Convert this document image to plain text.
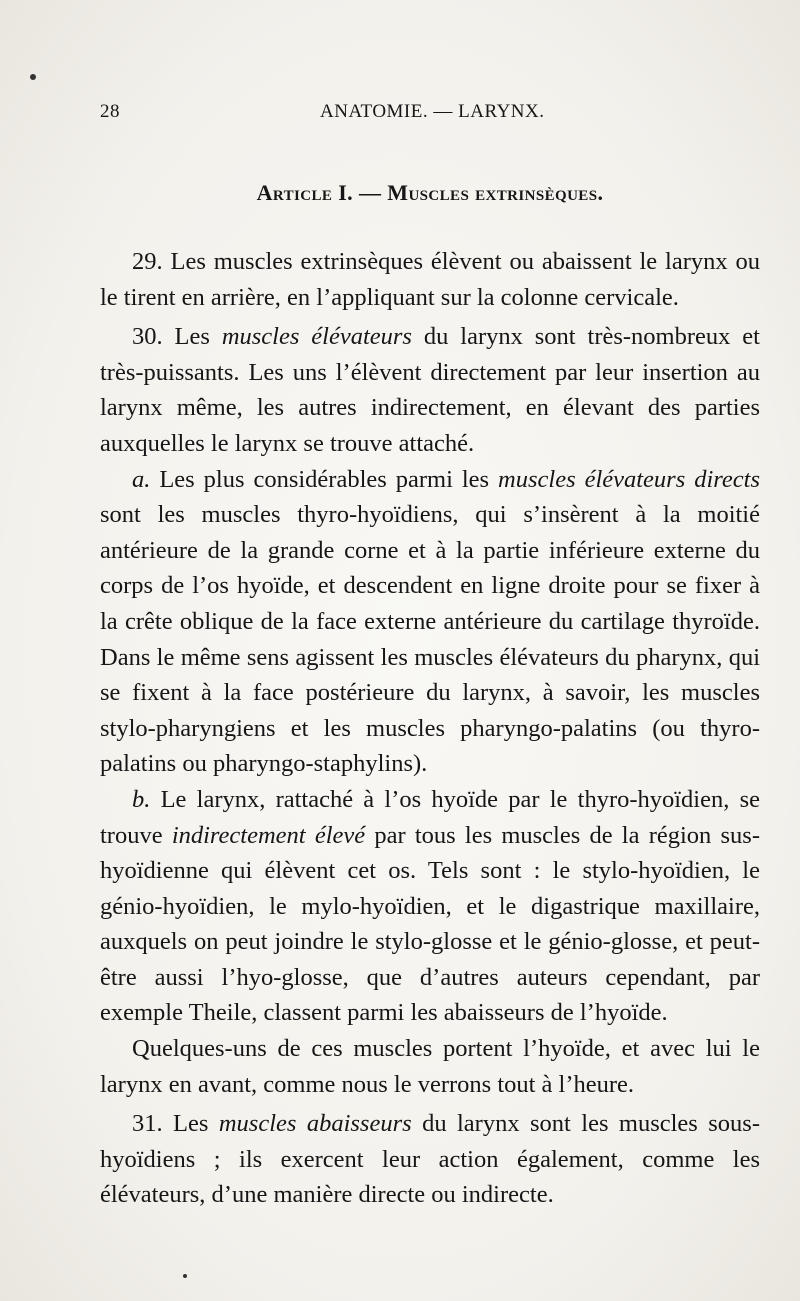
28	ANATOMIE. — LARYNX.
Article I. — Muscles extrinsèques.

29. Les muscles extrinsèques élèvent ou abaissent le larynx ou le tirent en arrière, en l’appliquant sur la colonne cervicale.

30. Les muscles élévateurs du larynx sont très-nombreux et très-puissants. Les uns l’élèvent directement par leur insertion au larynx même, les autres indirectement, en élevant des parties auxquelles le larynx se trouve attaché.

a. Les plus considérables parmi les muscles élévateurs directs sont les muscles thyro-hyoïdiens, qui s’insèrent à la moitié antérieure de la grande corne et à la partie inférieure externe du corps de l’os hyoïde, et descendent en ligne droite pour se fixer à la crête oblique de la face externe antérieure du cartilage thyroïde. Dans le même sens agissent les muscles élévateurs du pharynx, qui se fixent à la face postérieure du larynx, à savoir, les muscles stylo-pharyngiens et les muscles pharyngo-palatins (ou thyro-palatins ou pharyngo-staphylins).

b. Le larynx, rattaché à l’os hyoïde par le thyro-hyoïdien, se trouve indirectement élevé par tous les muscles de la région sus-hyoïdienne qui élèvent cet os. Tels sont : le stylo-hyoïdien, le génio-hyoïdien, le mylo-hyoïdien, et le digastrique maxillaire, auxquels on peut joindre le stylo-glosse et le génio-glosse, et peut-être aussi l’hyo-glosse, que d’autres auteurs cependant, par exemple Theile, classent parmi les abaisseurs de l’hyoïde.

Quelques-uns de ces muscles portent l’hyoïde, et avec lui le larynx en avant, comme nous le verrons tout à l’heure.

31. Les muscles abaisseurs du larynx sont les muscles sous-hyoïdiens ; ils exercent leur action également, comme les élévateurs, d’une manière directe ou indirecte.
